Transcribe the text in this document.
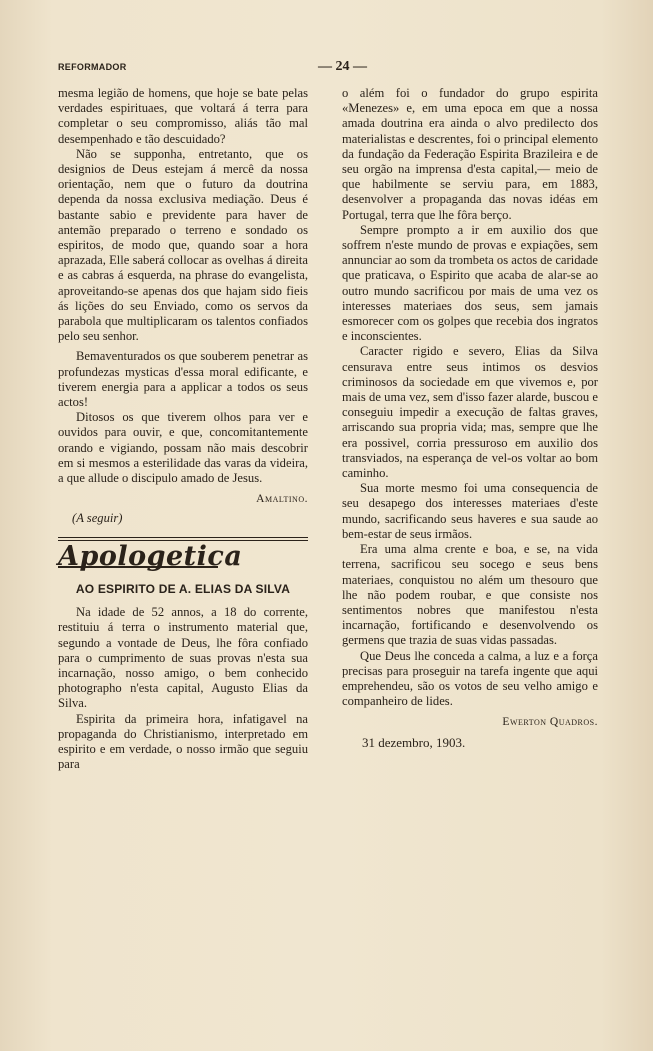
REFORMADOR	— 24 —

mesma legião de homens, que hoje se bate pelas verdades espirituaes, que voltará á terra para completar o seu compromisso, aliás tão mal desempenhado e tão descuidado?

Não se supponha, entretanto, que os designios de Deus estejam á mercê da nossa orientação, nem que o futuro da doutrina dependa da nossa exclusiva mediação. Deus é bastante sabio e previdente para haver de antemão preparado o terreno e sondado os espiritos, de modo que, quando soar a hora aprazada, Elle saberá collocar as ovelhas á direita e as cabras á esquerda, na phrase do evangelista, aproveitando-se apenas dos que hajam sido fieis ás lições do seu Enviado, como os servos da parabola que multiplicaram os talentos confiados pelo seu senhor.

Bemaventurados os que souberem penetrar as profundezas mysticas d'essa moral edificante, e tiverem energia para a applicar a todos os seus actos!

Ditosos os que tiverem olhos para ver e ouvidos para ouvir, e que, concomitantemente orando e vigiando, possam não mais descobrir em si mesmos a esterilidade das varas da videira, a que allude o discipulo amado de Jesus.

Amaltino.
(A seguir)
Apologetica
AO ESPIRITO DE A. ELIAS DA SILVA

Na idade de 52 annos, a 18 do corrente, restituiu á terra o instrumento material que, segundo a vontade de Deus, lhe fôra confiado para o cumprimento de suas provas n'esta sua incarnação, nosso amigo, o bem conhecido photographo n'esta capital, Augusto Elias da Silva.

Espirita da primeira hora, infatigavel na propaganda do Christianismo, interpretado em espirito e em verdade, o nosso irmão que seguiu para

o além foi o fundador do grupo espirita «Menezes» e, em uma epoca em que a nossa amada doutrina era ainda o alvo predilecto dos materialistas e descrentes, foi o principal elemento da fundação da Federação Espirita Brazileira e de seu orgão na imprensa d'esta capital,— meio de que habilmente se serviu para, em 1883, desenvolver a propaganda das novas idéas em Portugal, terra que lhe fôra berço.

Sempre prompto a ir em auxilio dos que soffrem n'este mundo de provas e expiações, sem annunciar ao som da trombeta os actos de caridade que praticava, o Espirito que acaba de alar-se ao outro mundo sacrificou por mais de uma vez os interesses materiaes dos seus, sem jamais esmorecer com os golpes que recebia dos ingratos e inconscientes.

Caracter rigido e severo, Elias da Silva censurava entre seus intimos os desvios criminosos da sociedade em que vivemos e, por mais de uma vez, sem d'isso fazer alarde, buscou e conseguiu impedir a execução de faltas graves, arriscando sua propria vida; mas, sempre que lhe era possivel, corria pressuroso em auxilio dos transviados, na esperança de vel-os voltar ao bom caminho.

Sua morte mesmo foi uma consequencia de seu desapego dos interesses materiaes d'este mundo, sacrificando seus haveres e sua saude ao bem-estar de seus irmãos.

Era uma alma crente e boa, e se, na vida terrena, sacrificou seu socego e seus bens materiaes, conquistou no além um thesouro que lhe não podem roubar, e que consiste nos sentimentos nobres que manifestou n'esta incarnação, fortificando e desenvolvendo os germens que trazia de suas vidas passadas.

Que Deus lhe conceda a calma, a luz e a força precisas para proseguir na tarefa ingente que aqui emprehendeu, são os votos de seu velho amigo e companheiro de lides.

Ewerton Quadros.
31 dezembro, 1903.
